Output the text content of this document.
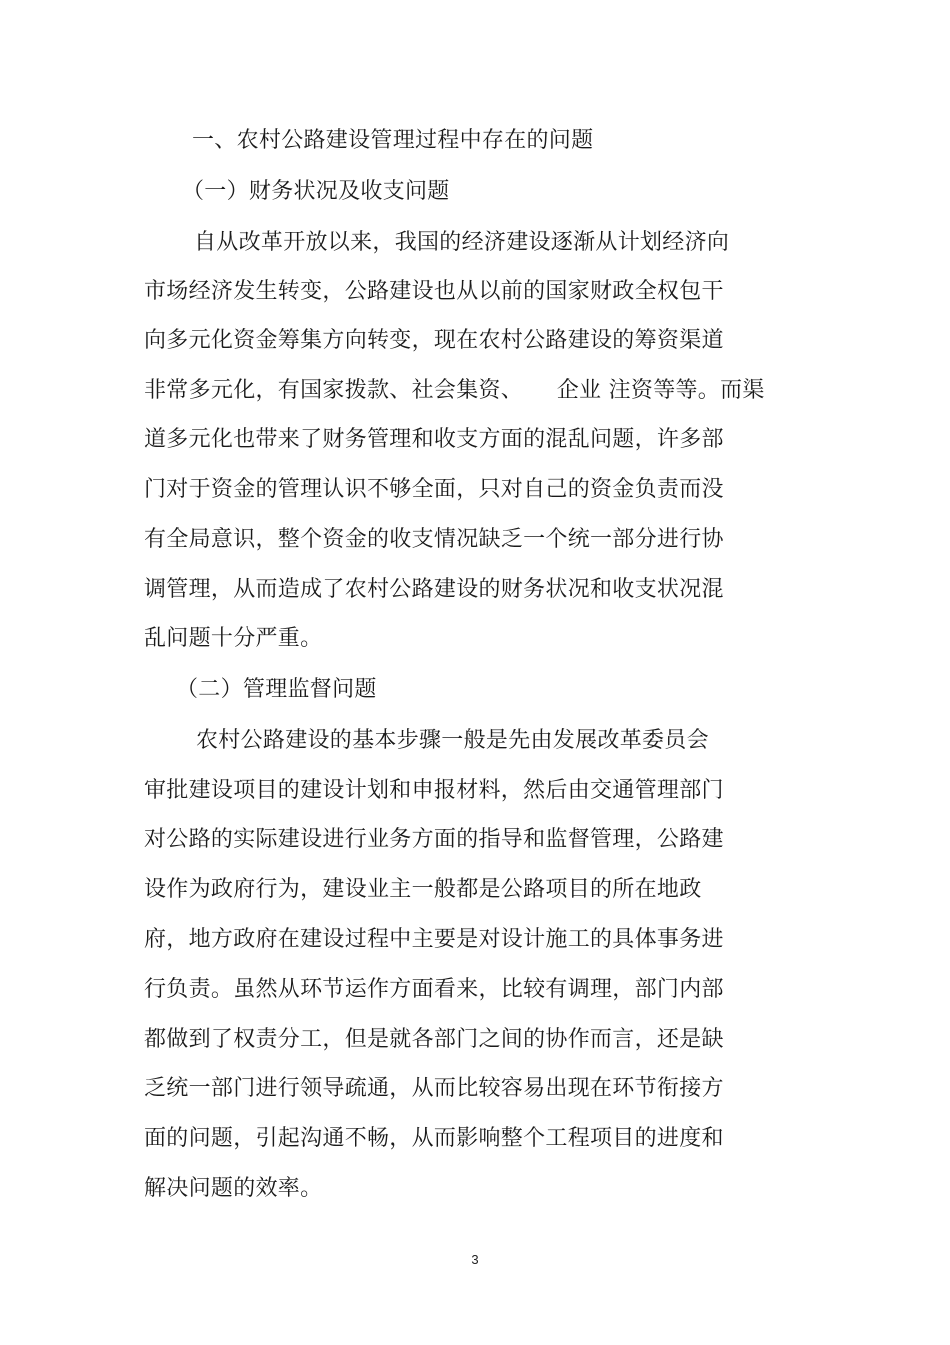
一、农村公路建设管理过程中存在的问题
（一）财务状况及收支问题
自从改革开放以来，我国的经济建设逐渐从计划经济向
市场经济发生转变，公路建设也从以前的国家财政全权包干
向多元化资金筹集方向转变，现在农村公路建设的筹资渠道
非常多元化，有国家拨款、社会集资、　　企业 注资等等。而渠
道多元化也带来了财务管理和收支方面的混乱问题，许多部
门对于资金的管理认识不够全面，只对自己的资金负责而没
有全局意识，整个资金的收支情况缺乏一个统一部分进行协
调管理，从而造成了农村公路建设的财务状况和收支状况混
乱问题十分严重。
（二）管理监督问题
农村公路建设的基本步骤一般是先由发展改革委员会
审批建设项目的建设计划和申报材料，然后由交通管理部门
对公路的实际建设进行业务方面的指导和监督管理，公路建
设作为政府行为，建设业主一般都是公路项目的所在地政
府，地方政府在建设过程中主要是对设计施工的具体事务进
行负责。虽然从环节运作方面看来，比较有调理，部门内部
都做到了权责分工，但是就各部门之间的协作而言，还是缺
乏统一部门进行领导疏通，从而比较容易出现在环节衔接方
面的问题，引起沟通不畅，从而影响整个工程项目的进度和
解决问题的效率。
3
